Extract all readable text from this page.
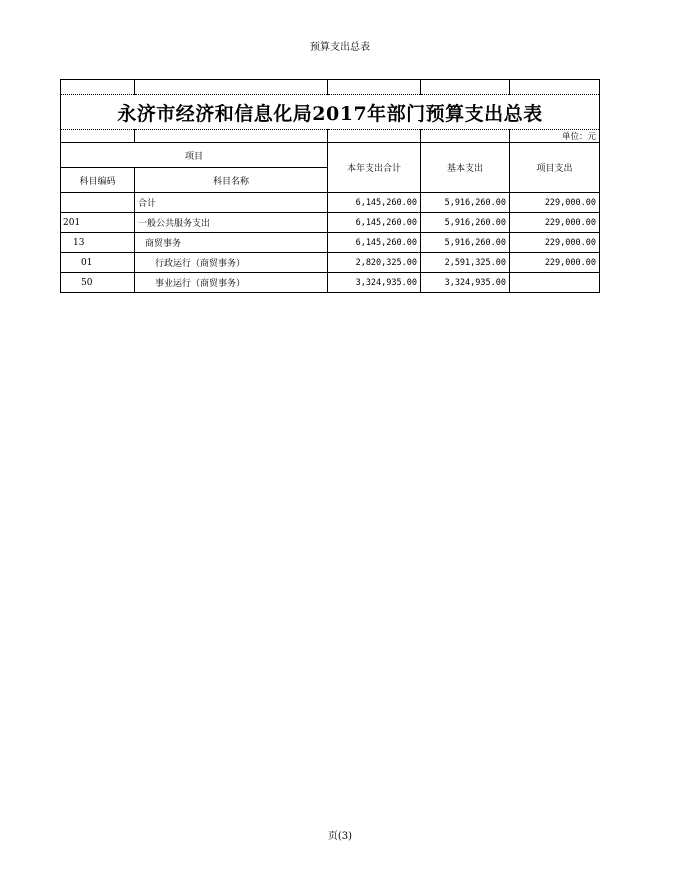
预算支出总表

永济市经济和信息化局2017年部门预算支出总表				
				单位：元
项目		本年支出合计	基本支出	项目支出
科目编码	科目名称			
	合计	6,145,260.00	5,916,260.00	229,000.00
201	一般公共服务支出	6,145,260.00	5,916,260.00	229,000.00
13	商贸事务	6,145,260.00	5,916,260.00	229,000.00
01	行政运行（商贸事务）	2,820,325.00	2,591,325.00	229,000.00
50	事业运行（商贸事务）	3,324,935.00	3,324,935.00	
页(3)
